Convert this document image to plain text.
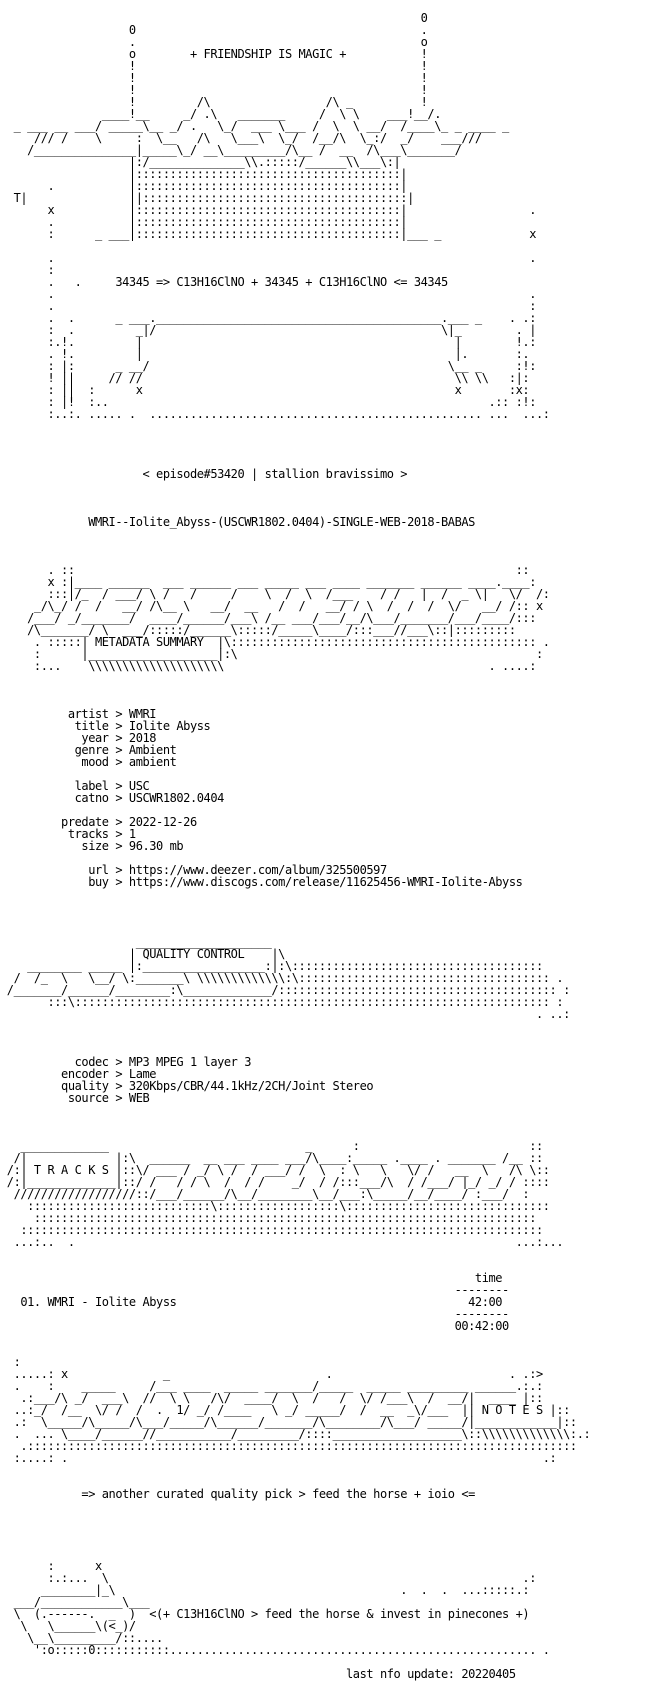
0
0                                          .
.                                          o
o        + FRIENDSHIP IS MAGIC +           !
!                                          !
!                                          !
!                                          !
!         /\                 /\ _          !
____!__     _/ .\   _______     /  \ \    ___!__/.
_ ___ __ ___/ _____\__ _/ .   \_/  ___ \___ /  \  \ __/  /____\_ _ ____ _
/// /    \     :  \__   /\   \___\  \_/  /__/\  \_:/  _/    ___///
/_______________|_____\_/ __\_________/\__ /  __  /\___\_______/
|:/______________\\.:::::/______\\___\:|
|:::::::::::::::::::::::::::::::::::::::|
.           |:::::::::::::::::::::::::::::::::::::::|
T|               ||:::::::::::::::::::::::::::::::::::::::|
x           |:::::::::::::::::::::::::::::::::::::::|                  .
.           |:::::::::::::::::::::::::::::::::::::::|
:      _ ___|:::::::::::::::::::::::::::::::::::::::|___ _             x
.                                                                      .
:
.   .     34345 => C13H16ClNO + 34345 + C13H16ClNO <= 34345
.                                                                      .
.                                                                      :
.  .      _ ___.__________________________________________.___ _    . .:
:  .         _|/                                          \|_        . |
:.!.         |                                              |        !.:
. !.         |                                              |.       :.
: |:      _ __/                                            \__ _     :!:
! ||     // //                                              \\ \\   :|:
: ||  :      x                                              x       :x:
: |!  :..                                                        .:: :!:
:..:. ..... .  ................................................. ...  ...:
< episode#53420 | stallion bravissimo >
WMRI--Iolite_Abyss-(USCWR1802.0404)-SINGLE-WEB-2018-BABAS
. ::                                                                 ::
x :|____ ______  ___ ______ ___ _____ ___ ____ _______ ______ ____.____:
:::|/_  / ___/ \ /   /     /    \  /  \  /___    / /   |  /  _ \|   \/  /:
_/\_/ /  /   __/ /\__ \   __/  __   /  /   __/ / \  /  /  /  \/   __/ /:: x
/___/ _/_______/  ____/______/___\ /__ ___/___/__/\___/_______/___/____/:::
/\_______/ \  ___/:::::/______\:::::/_____\____/:::___//___\::|:::::::::
. :::::| METADATA SUMMARY  |\::::::::::::::::::::::::::::::::::::::::::::: .
:      |___________________|:\                                            :
:...    \\\\\\\\\\\\\\\\\\\\                                       . ....:
artist > WMRI
title > Iolite Abyss
year > 2018
genre > Ambient
mood > ambient
label > USC
catno > USCWR1802.0404
predate > 2022-12-26
tracks > 1
size > 96.30 mb
url > https://www.deezer.com/album/325500597
buy > https://www.discogs.com/release/11625456-WMRI-Iolite-Abyss
____________________
| QUALITY CONTROL    |\
________ _____ |:__________________:|:\:::::::::::::::::::::::::::::::::::::
/  /_  \   \__/ \:_______\ \\\\\\\\\\\\\:\::::::::::::::::::::::::::::::::::::: .
/_______/______/________:\_____________/::::::::::::::::::::::::::::::::::::::::: :
:::\:::::::::::::::::::::::::::::::::::::::::::::::::::::::::::::::::::::: :
. ..:
codec > MP3 MPEG 1 layer 3
encoder > Lame
quality > 320Kbps/CBR/44.1kHz/2CH/Joint Stereo
source > WEB
_____________                             _      :                         ::
/|             |:\  ______  __ ___ ____ ___/\____:_____ .____ . _______ /__ ::
/:| T R A C K S |::\/ ___ / _/ \ /  / ___/ /  \  : \   \   \/ /   __  \   /\ \::
/:|_____________|::/ /   / / \  /  / /    _/  / /:::___/\  / /___/ |_/ _/ / ::::
//////////////////::/___/______/\__/________\__/___:\_____/__/____/ :___/  :
:::::::::::::::::::::::::::\::::::::::::::::::\::::::::::::::::::::::::::::::
::::::::::::::::::::::::::::::::::::::::::::::::::::::::::::::::::::::::::
:::::::::::::::::::::::::::::::::::::::::::::::::::::::::::::::::::::::::::::
...:..  .                                                                 ...:...
time
--------
01. WMRI - Iolite Abyss                                           42:00
--------
00:42:00
:
.....: x              _                       .                          . .:>
.    :    _____     /___ ____  _____ _______/_____  _____ _________ ______.:.:
.:___/\ _/  ___\  //  \ \   /\/  ____/  \  /   /  \/ /___\  /  __/|  ____ |::
..:_/  /__  \/ /  /  .  1/ _/ /____   \ _/ _____/  /  __  _\/___  || N O T E S |::
.:  \_____/\_____/\___/_____/\______/_______/\________/\___/ _____/|____________|::
.  ... \____/______//___________/_________/::::___________________\::\\\\\\\\\\\\\:.:
.:::::::::::::::::::::::::::::::::::::::::::::::::::::::::::::::::::::::::::::::::
:....: .                                                                      .:
=> another curated quality pick > feed the horse + ioio <=
:      x
:.:...  \                                                             .:
________|_\                                          .  .  .  ...:::::.:
___/____________\___
\  (.------.  _  )  <(+ C13H16ClNO > feed the horse & invest in pinecones +)
\   \______\(<_)/
\__\_________/::....
':o:::::0:::::::::::...................................................... .
last nfo update: 20220405
